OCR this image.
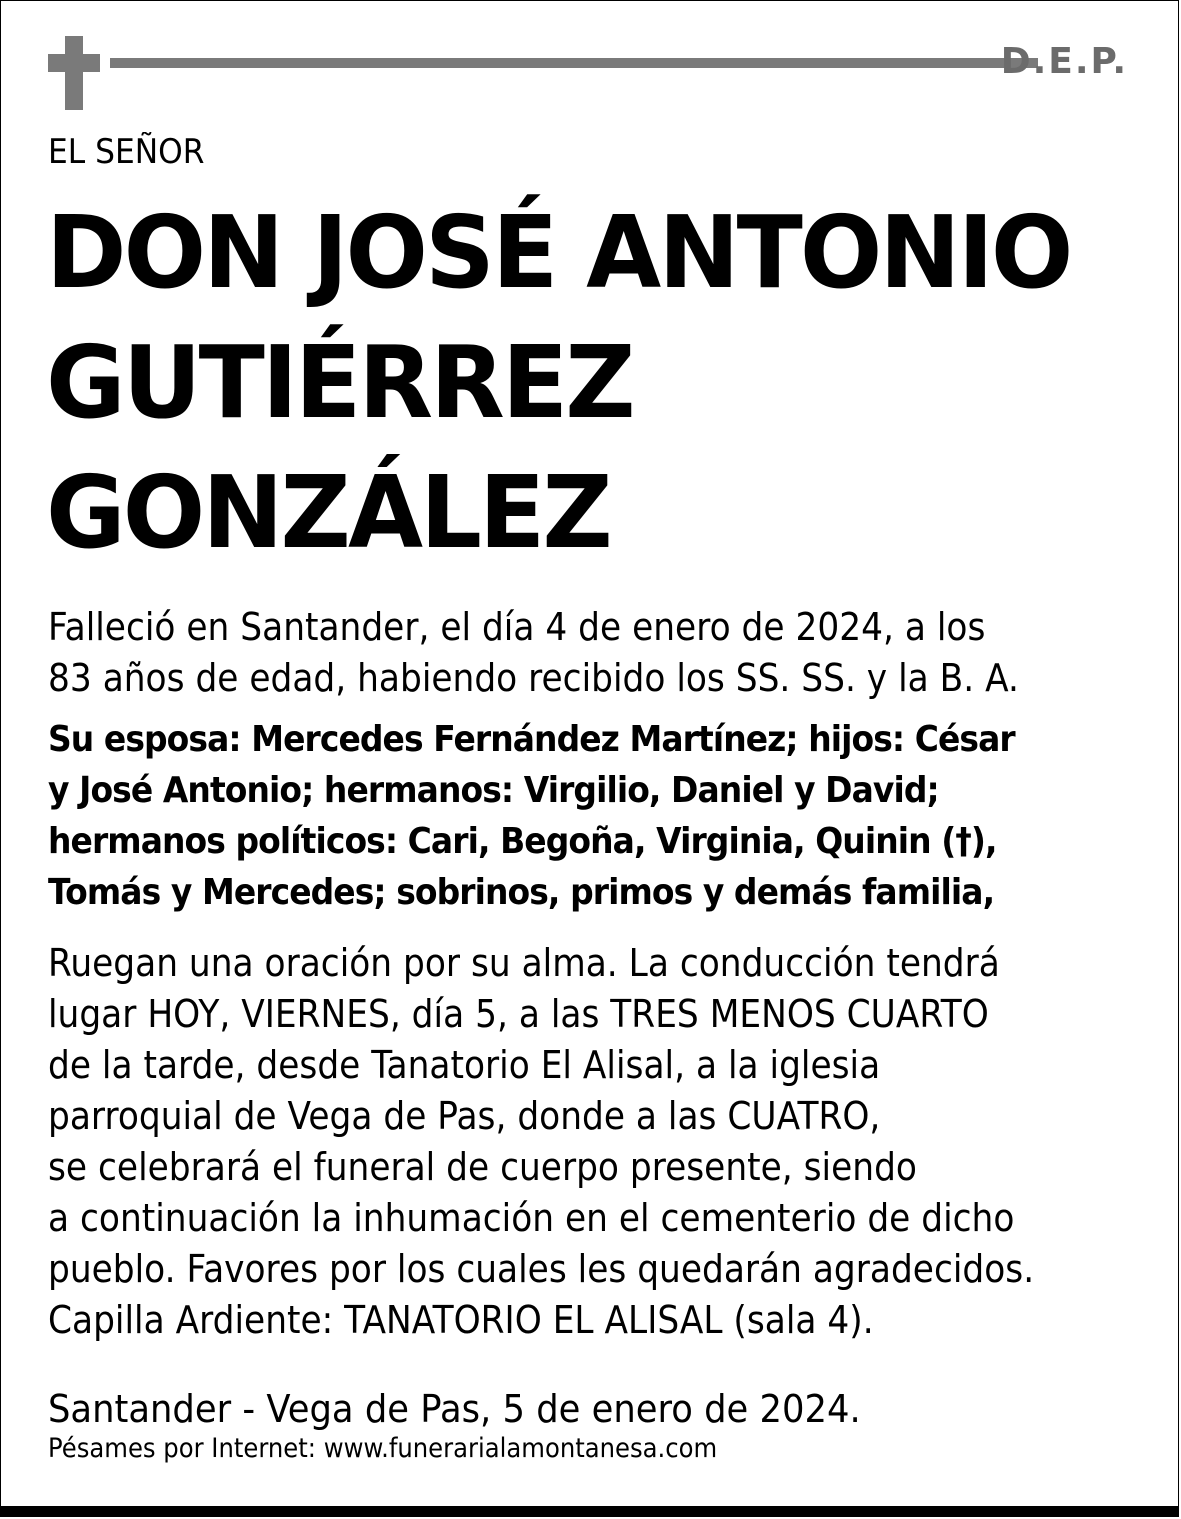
D.E.P.
EL SEÑOR
DON JOSÉ ANTONIO
GUTIÉRREZ
GONZÁLEZ
Falleció en Santander, el día 4 de enero de 2024, a los
83 años de edad, habiendo recibido los SS. SS. y la B. A.
Su esposa: Mercedes Fernández Martínez; hijos: César
y José Antonio; hermanos: Virgilio, Daniel y David;
hermanos políticos: Cari, Begoña, Virginia, Quinin (†),
Tomás y Mercedes; sobrinos, primos y demás familia,
Ruegan una oración por su alma. La conducción tendrá
lugar HOY, VIERNES, día 5, a las TRES MENOS CUARTO
de la tarde, desde Tanatorio El Alisal, a la iglesia
parroquial de Vega de Pas, donde a las CUATRO,
se celebrará el funeral de cuerpo presente, siendo
a continuación la inhumación en el cementerio de dicho
pueblo. Favores por los cuales les quedarán agradecidos.
Capilla Ardiente: TANATORIO EL ALISAL (sala 4).
Santander - Vega de Pas, 5 de enero de 2024.
Pésames por Internet: www.funerarialamontanesa.com
